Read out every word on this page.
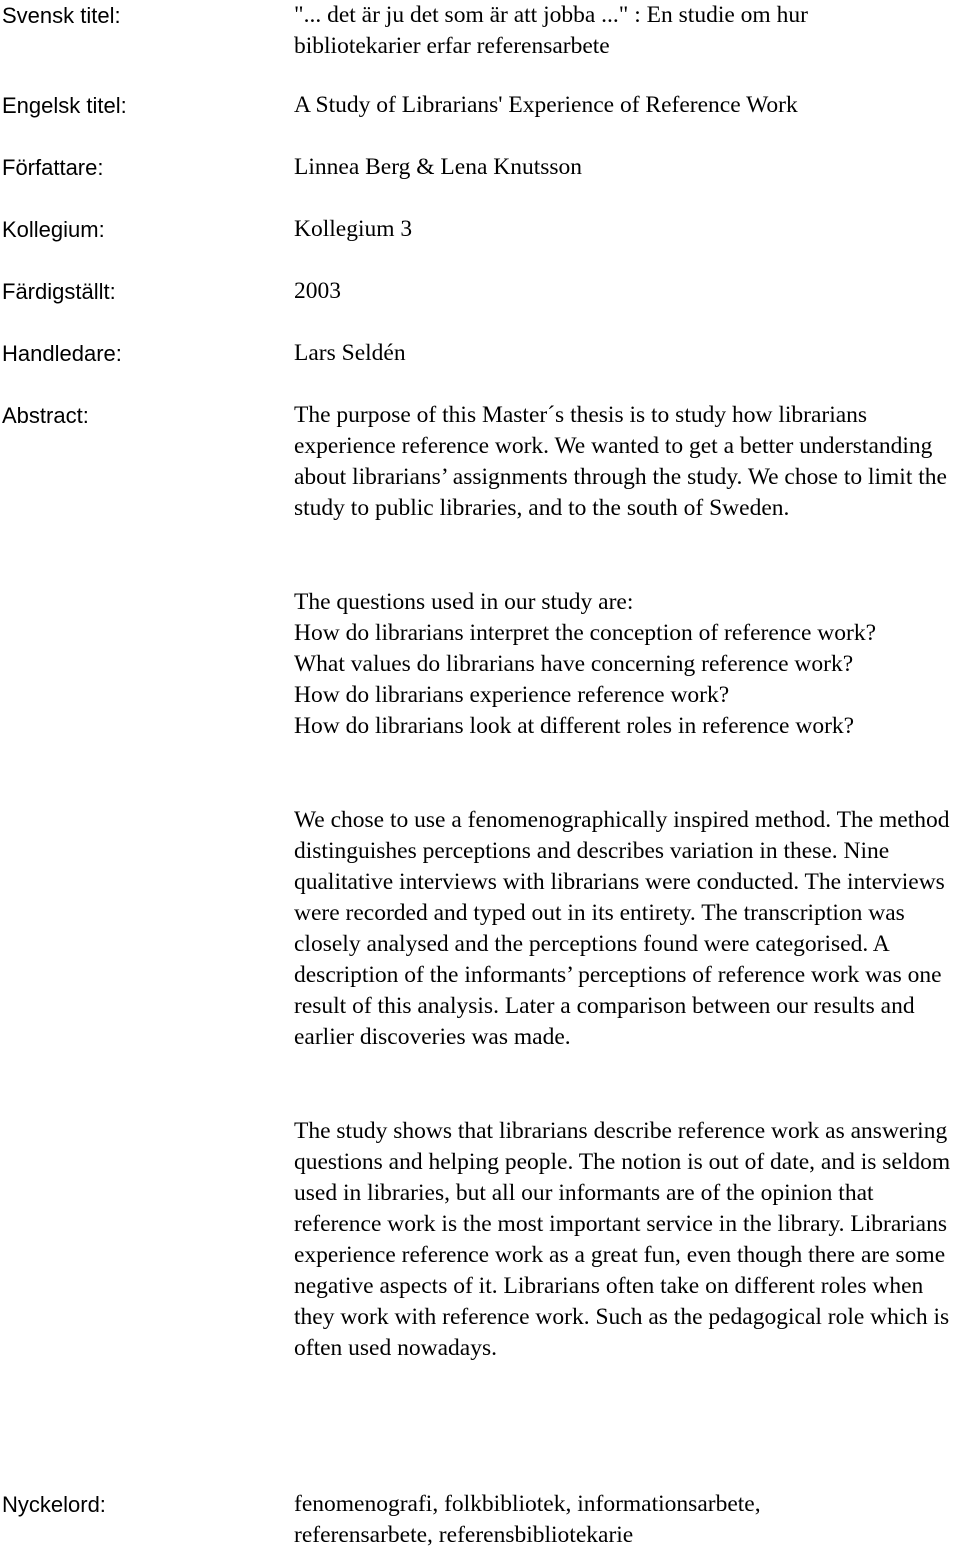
Svensk titel:
Engelsk titel:
Författare:
Kollegium:
Färdigställt:
Handledare:
Abstract:
Nyckelord:
"... det är ju det som är att jobba ..." : En studie om hur bibliotekarier erfar referensarbete
A Study of Librarians' Experience of Reference Work
Linnea Berg & Lena Knutsson
Kollegium 3
2003
Lars Seldén

The purpose of this Master´s thesis is to study how librarians experience reference work. We wanted to get a better understanding about librarians’ assignments through the study. We chose to limit the study to public libraries, and to the south of Sweden.

The questions used in our study are:
How do librarians interpret the conception of reference work?
What values do librarians have concerning reference work?
How do librarians experience reference work?
How do librarians look at different roles in reference work?

We chose to use a fenomenographically inspired method. The method distinguishes perceptions and describes variation in these. Nine qualitative interviews with librarians were conducted. The interviews were recorded and typed out in its entirety. The transcription was closely analysed and the perceptions found were categorised. A description of the informants’ perceptions of reference work was one result of this analysis. Later a comparison between our results and earlier discoveries was made.

The study shows that librarians describe reference work as answering questions and helping people. The notion is out of date, and is seldom used in libraries, but all our informants are of the opinion that reference work is the most important service in the library. Librarians experience reference work as a great fun, even though there are some negative aspects of it. Librarians often take on different roles when they work with reference work. Such as the pedagogical role which is often used nowadays.

fenomenografi, folkbibliotek, informationsarbete, referensarbete, referensbibliotekarie
